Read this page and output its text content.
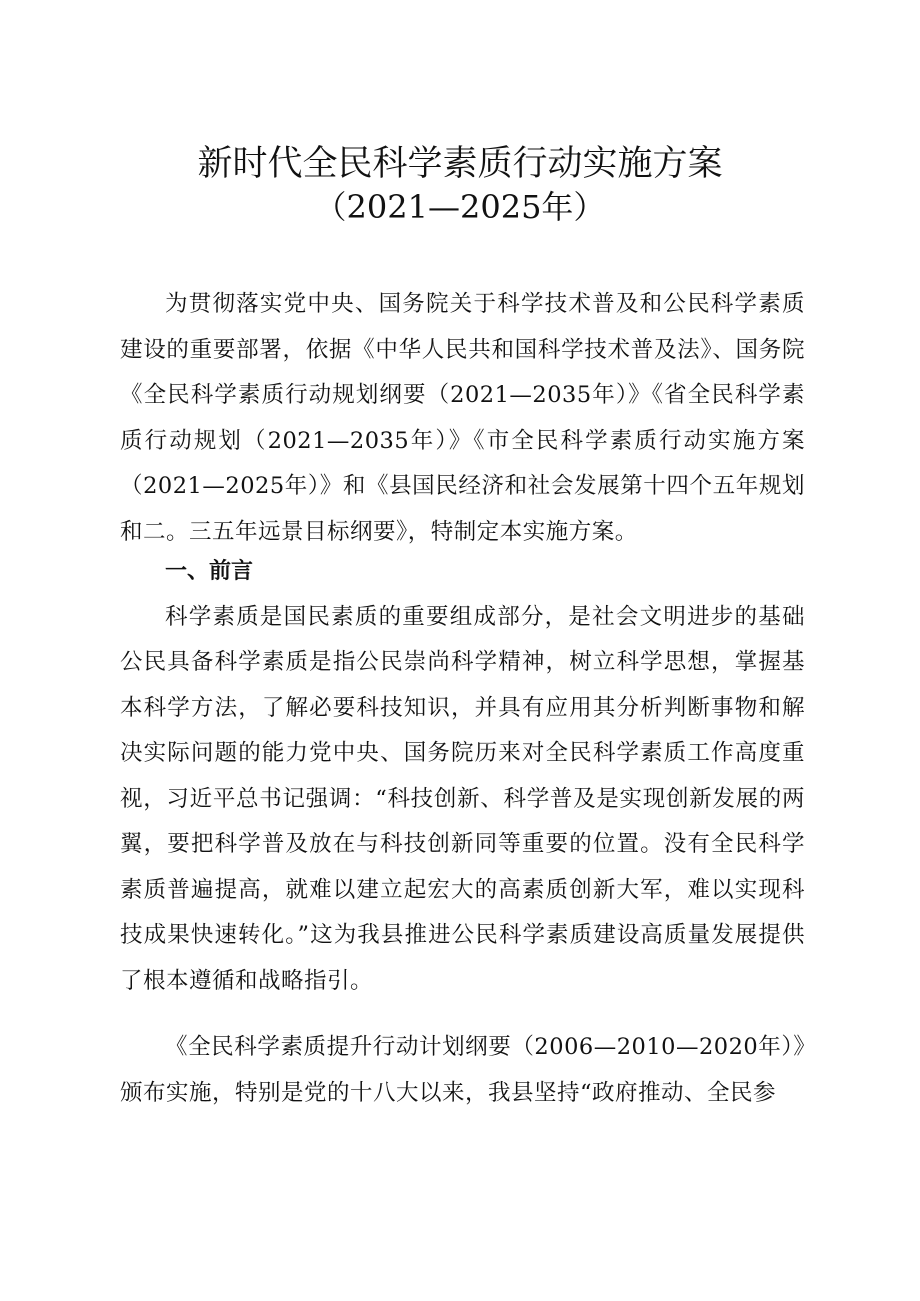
新时代全民科学素质行动实施方案
（2021—2025年）

为贯彻落实党中央、国务院关于科学技术普及和公民科学素质建设的重要部署，依据《中华人民共和国科学技术普及法》、国务院《全民科学素质行动规划纲要（2021—2035年）》《省全民科学素质行动规划（2021—2035年）》《市全民科学素质行动实施方案（2021—2025年）》和《县国民经济和社会发展第十四个五年规划和二。三五年远景目标纲要》，特制定本实施方案。

一、前言

科学素质是国民素质的重要组成部分，是社会文明进步的基础公民具备科学素质是指公民崇尚科学精神，树立科学思想，掌握基本科学方法，了解必要科技知识，并具有应用其分析判断事物和解决实际问题的能力党中央、国务院历来对全民科学素质工作高度重视，习近平总书记强调：“科技创新、科学普及是实现创新发展的两翼，要把科学普及放在与科技创新同等重要的位置。没有全民科学素质普遍提高，就难以建立起宏大的高素质创新大军，难以实现科技成果快速转化。”这为我县推进公民科学素质建设高质量发展提供了根本遵循和战略指引。

《全民科学素质提升行动计划纲要（2006—2010—2020年）》颁布实施，特别是党的十八大以来，我县坚持“政府推动、全民参
